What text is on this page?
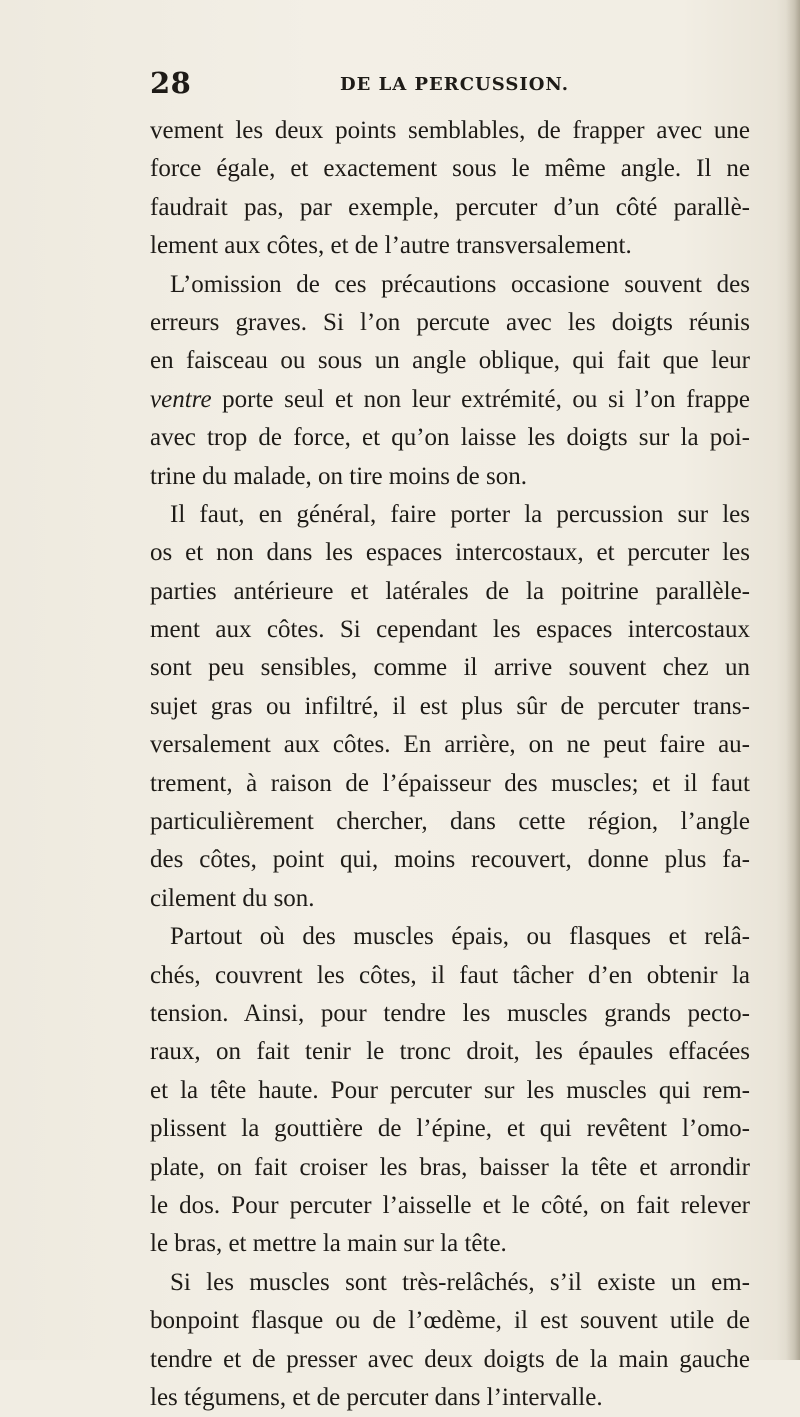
28	DE LA PERCUSSION.
vement les deux points semblables, de frapper avec une
force égale, et exactement sous le même angle. Il ne
faudrait pas, par exemple, percuter d’un côté parallè-
lement aux côtes, et de l’autre transversalement.
L’omission de ces précautions occasione souvent des
erreurs graves. Si l’on percute avec les doigts réunis
en faisceau ou sous un angle oblique, qui fait que leur
ventre porte seul et non leur extrémité, ou si l’on frappe
avec trop de force, et qu’on laisse les doigts sur la poi-
trine du malade, on tire moins de son.
Il faut, en général, faire porter la percussion sur les
os et non dans les espaces intercostaux, et percuter les
parties antérieure et latérales de la poitrine parallèle-
ment aux côtes. Si cependant les espaces intercostaux
sont peu sensibles, comme il arrive souvent chez un
sujet gras ou infiltré, il est plus sûr de percuter trans-
versalement aux côtes. En arrière, on ne peut faire au-
trement, à raison de l’épaisseur des muscles; et il faut
particulièrement chercher, dans cette région, l’angle
des côtes, point qui, moins recouvert, donne plus fa-
cilement du son.
Partout où des muscles épais, ou flasques et relâ-
chés, couvrent les côtes, il faut tâcher d’en obtenir la
tension. Ainsi, pour tendre les muscles grands pecto-
raux, on fait tenir le tronc droit, les épaules effacées
et la tête haute. Pour percuter sur les muscles qui rem-
plissent la gouttière de l’épine, et qui revêtent l’omo-
plate, on fait croiser les bras, baisser la tête et arrondir
le dos. Pour percuter l’aisselle et le côté, on fait relever
le bras, et mettre la main sur la tête.
Si les muscles sont très-relâchés, s’il existe un em-
bonpoint flasque ou de l’œdème, il est souvent utile de
tendre et de presser avec deux doigts de la main gauche
les tégumens, et de percuter dans l’intervalle.
